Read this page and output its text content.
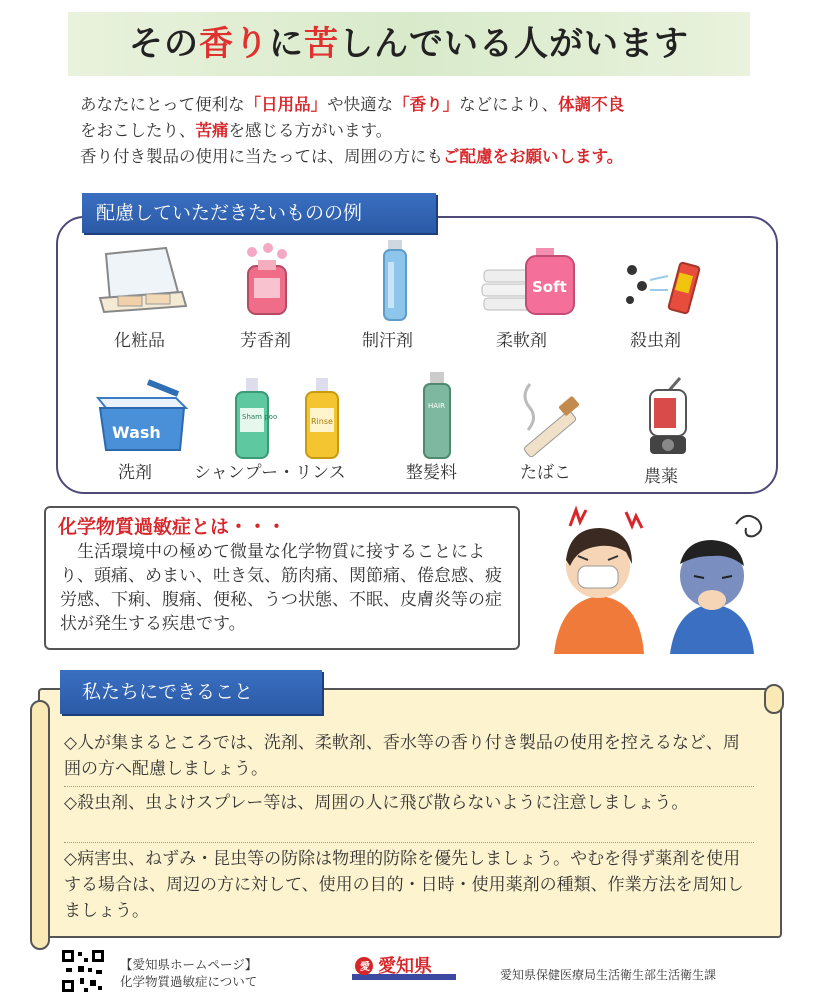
その香りに苦しんでいる人がいます
あなたにとって便利な「日用品」や快適な「香り」などにより、体調不良
をおこしたり、苦痛を感じる方がいます。
香り付き製品の使用に当たっては、周囲の方にもご配慮をお願いします。
配慮していただきたいものの例
Soft
化粧品	芳香剤	制汗剤	柔軟剤	殺虫剤
Wash
Sham poo	Rinse
HAIR
洗剤 シャンプー・リンス	整髪料	たばこ	農薬
化学物質過敏症とは・・・
　生活環境中の極めて微量な化学物質に接することにより、頭痛、めまい、吐き気、筋肉痛、関節痛、倦怠感、疲労感、下痢、腹痛、便秘、うつ状態、不眠、皮膚炎等の症状が発生する疾患です。
私たちにできること
◇人が集まるところでは、洗剤、柔軟剤、香水等の香り付き製品の使用を控えるなど、周囲の方へ配慮しましょう。
◇殺虫剤、虫よけスプレー等は、周囲の人に飛び散らないように注意しましょう。
◇病害虫、ねずみ・昆虫等の防除は物理的防除を優先しましょう。やむを得ず薬剤を使用する場合は、周辺の方に対して、使用の目的・日時・使用薬剤の種類、作業方法を周知しましょう。
【愛知県ホームページ】
化学物質過敏症について
愛 愛知県	愛知県保健医療局生活衛生部生活衛生課
